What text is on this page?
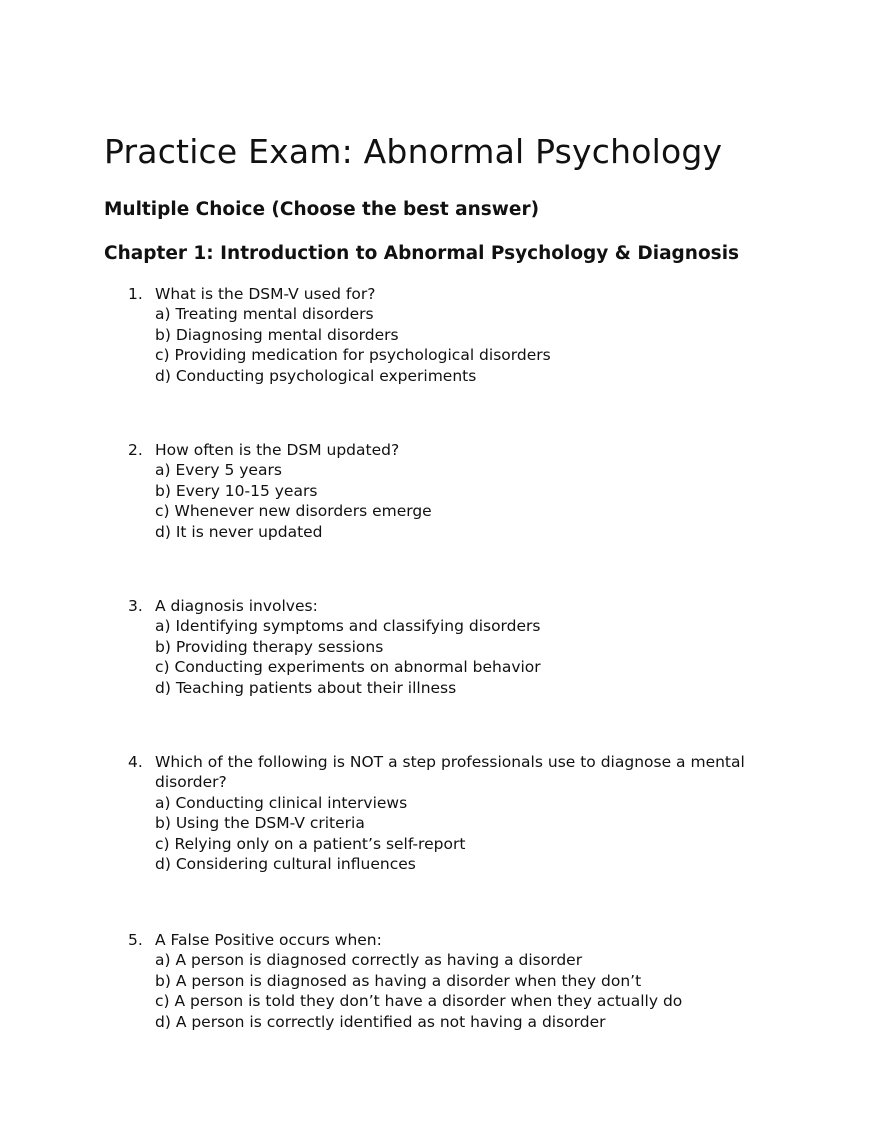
Practice Exam: Abnormal Psychology
Multiple Choice (Choose the best answer)
Chapter 1: Introduction to Abnormal Psychology & Diagnosis
1. What is the DSM-V used for?
a) Treating mental disorders
b) Diagnosing mental disorders
c) Providing medication for psychological disorders
d) Conducting psychological experiments
2. How often is the DSM updated?
a) Every 5 years
b) Every 10-15 years
c) Whenever new disorders emerge
d) It is never updated
3. A diagnosis involves:
a) Identifying symptoms and classifying disorders
b) Providing therapy sessions
c) Conducting experiments on abnormal behavior
d) Teaching patients about their illness
4. Which of the following is NOT a step professionals use to diagnose a mental disorder?
a) Conducting clinical interviews
b) Using the DSM-V criteria
c) Relying only on a patient’s self-report
d) Considering cultural influences
5. A False Positive occurs when:
a) A person is diagnosed correctly as having a disorder
b) A person is diagnosed as having a disorder when they don’t
c) A person is told they don’t have a disorder when they actually do
d) A person is correctly identified as not having a disorder
